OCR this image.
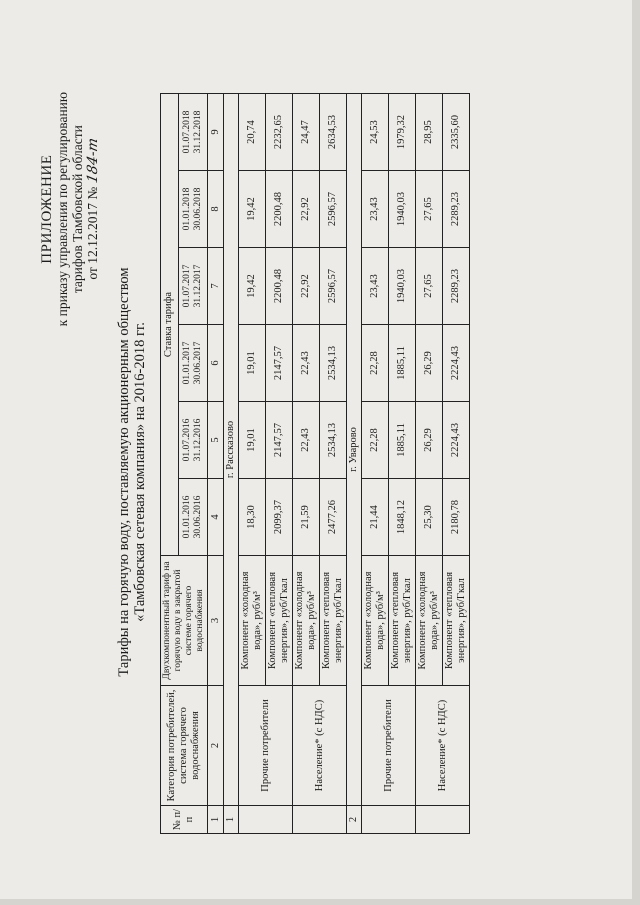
ПРИЛОЖЕНИЕ к приказу управления по регулированию тарифов Тамбовской области от 12.12.2017 № 184-т
Тарифы на горячую воду, поставляемую акционерным обществом «Тамбовская сетевая компания» на 2016-2018 гг.
№ п/п	Категория потребителей, система горячего водоснабжения	Двухкомпонентный тариф на горячую воду в закрытой системе горячего водоснабжения	Ставка тарифа					
			01.01.2016 30.06.2016	01.07.2016 31.12.2016	01.01.2017 30.06.2017	01.07.2017 31.12.2017	01.01.2018 30.06.2018	01.07.2018 31.12.2018
1	2	3	4	5	6	7	8	9
1	г. Рассказово							
	Прочие потребители	Компонент «холодная вода», руб/м³	18,30	19,01	19,01	19,42	19,42	20,74
		Компонент «тепловая энергия», руб/Гкал	2099,37	2147,57	2147,57	2200,48	2200,48	2232,65
	Население* (с НДС)	Компонент «холодная вода», руб/м³	21,59	22,43	22,43	22,92	22,92	24,47
		Компонент «тепловая энергия», руб/Гкал	2477,26	2534,13	2534,13	2596,57	2596,57	2634,53
2	г. Уварово							
	Прочие потребители	Компонент «холодная вода», руб/м³	21,44	22,28	22,28	23,43	23,43	24,53
		Компонент «тепловая энергия», руб/Гкал	1848,12	1885,11	1885,11	1940,03	1940,03	1979,32
	Население* (с НДС)	Компонент «холодная вода», руб/м³	25,30	26,29	26,29	27,65	27,65	28,95
		Компонент «тепловая энергия», руб/Гкал	2180,78	2224,43	2224,43	2289,23	2289,23	2335,60
